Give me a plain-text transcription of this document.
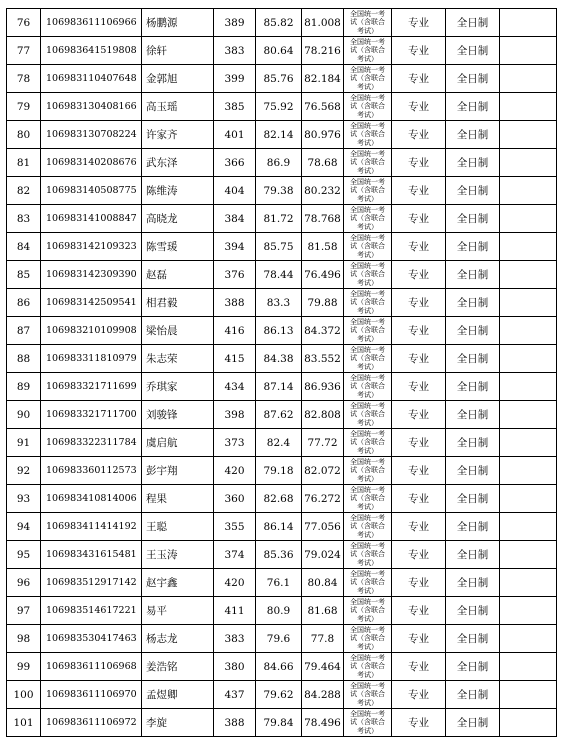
76	106983611106966	杨鹏源	389	85.82	81.008	全国统一考
试（含联合
考试）	专业	全日制	
77	106983641519808	徐轩	383	80.64	78.216	全国统一考
试（含联合
考试）	专业	全日制	
78	106983110407648	金郭旭	399	85.76	82.184	全国统一考
试（含联合
考试）	专业	全日制	
79	106983130408166	高玉瑶	385	75.92	76.568	全国统一考
试（含联合
考试）	专业	全日制	
80	106983130708224	许家齐	401	82.14	80.976	全国统一考
试（含联合
考试）	专业	全日制	
81	106983140208676	武东泽	366	86.9	78.68	全国统一考
试（含联合
考试）	专业	全日制	
82	106983140508775	陈维涛	404	79.38	80.232	全国统一考
试（含联合
考试）	专业	全日制	
83	106983141008847	高晓龙	384	81.72	78.768	全国统一考
试（含联合
考试）	专业	全日制	
84	106983142109323	陈雪瑗	394	85.75	81.58	全国统一考
试（含联合
考试）	专业	全日制	
85	106983142309390	赵磊	376	78.44	76.496	全国统一考
试（含联合
考试）	专业	全日制	
86	106983142509541	相君毅	388	83.3	79.88	全国统一考
试（含联合
考试）	专业	全日制	
87	106983210109908	梁怡晨	416	86.13	84.372	全国统一考
试（含联合
考试）	专业	全日制	
88	106983311810979	朱志荣	415	84.38	83.552	全国统一考
试（含联合
考试）	专业	全日制	
89	106983321711699	乔琪家	434	87.14	86.936	全国统一考
试（含联合
考试）	专业	全日制	
90	106983321711700	刘骏锋	398	87.62	82.808	全国统一考
试（含联合
考试）	专业	全日制	
91	106983322311784	虞启航	373	82.4	77.72	全国统一考
试（含联合
考试）	专业	全日制	
92	106983360112573	彭宇翔	420	79.18	82.072	全国统一考
试（含联合
考试）	专业	全日制	
93	106983410814006	程果	360	82.68	76.272	全国统一考
试（含联合
考试）	专业	全日制	
94	106983411414192	王聪	355	86.14	77.056	全国统一考
试（含联合
考试）	专业	全日制	
95	106983431615481	王玉涛	374	85.36	79.024	全国统一考
试（含联合
考试）	专业	全日制	
96	106983512917142	赵宇鑫	420	76.1	80.84	全国统一考
试（含联合
考试）	专业	全日制	
97	106983514617221	易平	411	80.9	81.68	全国统一考
试（含联合
考试）	专业	全日制	
98	106983530417463	杨志龙	383	79.6	77.8	全国统一考
试（含联合
考试）	专业	全日制	
99	106983611106968	姜浩铭	380	84.66	79.464	全国统一考
试（含联合
考试）	专业	全日制	
100	106983611106970	孟煜卿	437	79.62	84.288	全国统一考
试（含联合
考试）	专业	全日制	
101	106983611106972	李旋	388	79.84	78.496	全国统一考
试（含联合
考试）	专业	全日制	
